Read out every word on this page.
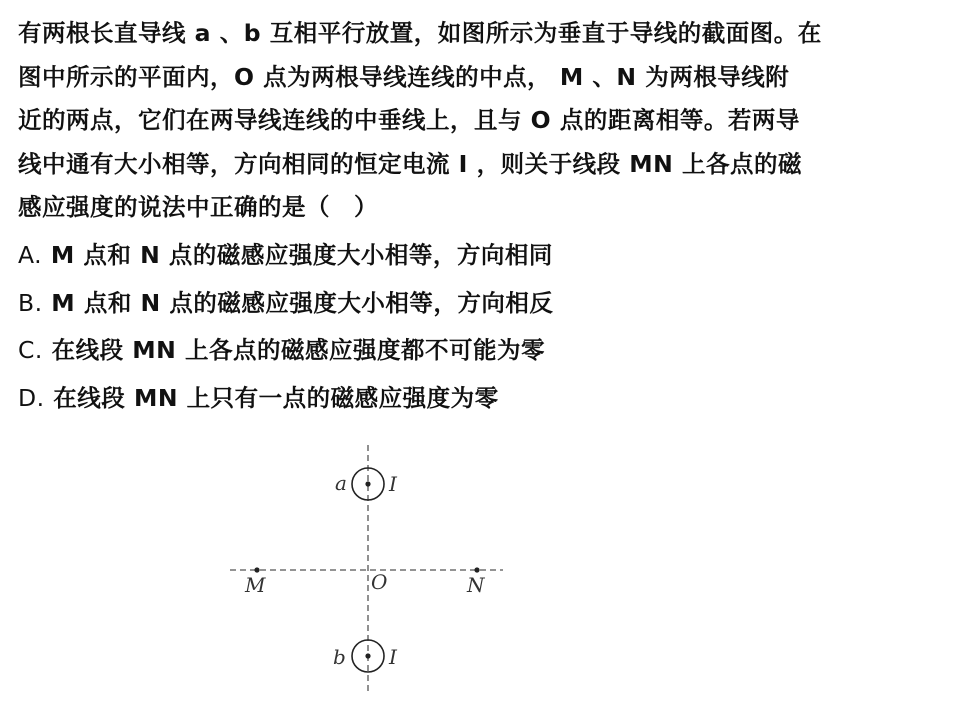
有两根长直导线 a 、b 互相平行放置，如图所示为垂直于导线的截面图。在
图中所示的平面内，O 点为两根导线连线的中点， M 、N 为两根导线附
近的两点，它们在两导线连线的中垂线上，且与 O 点的距离相等。若两导
线中通有大小相等，方向相同的恒定电流 I ，则关于线段 MN 上各点的磁
感应强度的说法中正确的是（　）
A. M 点和 N 点的磁感应强度大小相等，方向相同
B. M 点和 N 点的磁感应强度大小相等，方向相反
C. 在线段 MN 上各点的磁感应强度都不可能为零
D. 在线段 MN 上只有一点的磁感应强度为零
a I
b I
M	O	N
